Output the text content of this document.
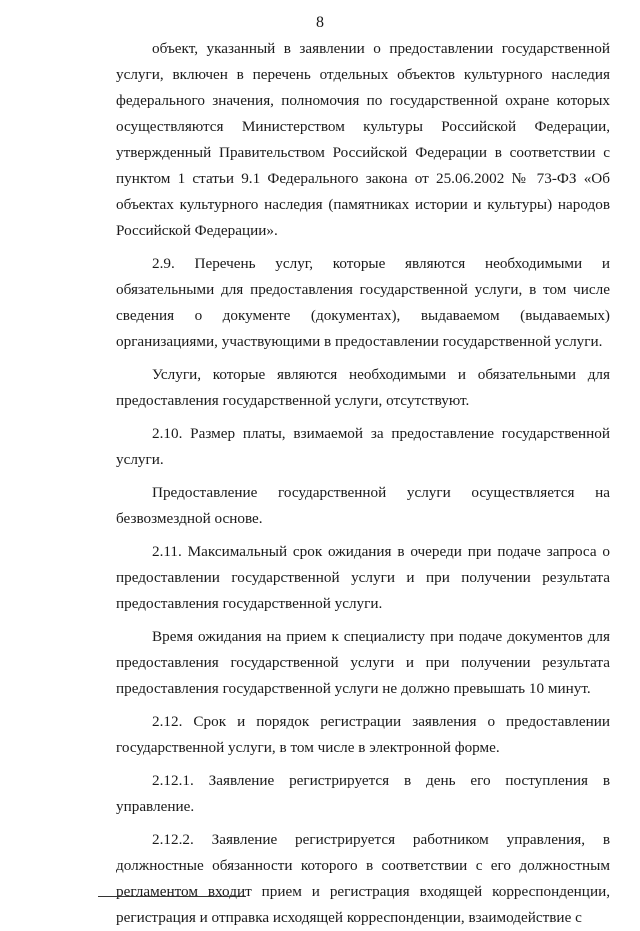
8

объект, указанный в заявлении о предоставлении государственной услуги, включен в перечень отдельных объектов культурного наследия федерального значения, полномочия по государственной охране которых осуществляются Министерством культуры Российской Федерации, утвержденный Правительством Российской Федерации в соответствии с пунктом 1 статьи 9.1 Федерального закона от 25.06.2002 № 73-ФЗ «Об объектах культурного наследия (памятниках истории и культуры) народов Российской Федерации».

2.9. Перечень услуг, которые являются необходимыми и обязательными для предоставления государственной услуги, в том числе сведения о документе (документах), выдаваемом (выдаваемых) организациями, участвующими в предоставлении государственной услуги.

Услуги, которые являются необходимыми и обязательными для предоставления государственной услуги, отсутствуют.

2.10. Размер платы, взимаемой за предоставление государственной услуги.

Предоставление государственной услуги осуществляется на безвозмездной основе.

2.11. Максимальный срок ожидания в очереди при подаче запроса о предоставлении государственной услуги и при получении результата предоставления государственной услуги.

Время ожидания на прием к специалисту при подаче документов для предоставления государственной услуги и при получении результата предоставления государственной услуги не должно превышать 10 минут.

2.12. Срок и порядок регистрации заявления о предоставлении государственной услуги, в том числе в электронной форме.

2.12.1. Заявление регистрируется в день его поступления в управление.

2.12.2. Заявление регистрируется работником управления, в должностные обязанности которого в соответствии с его должностным регламентом входит прием и регистрация входящей корреспонденции, регистрация и отправка исходящей корреспонденции, взаимодействие с
